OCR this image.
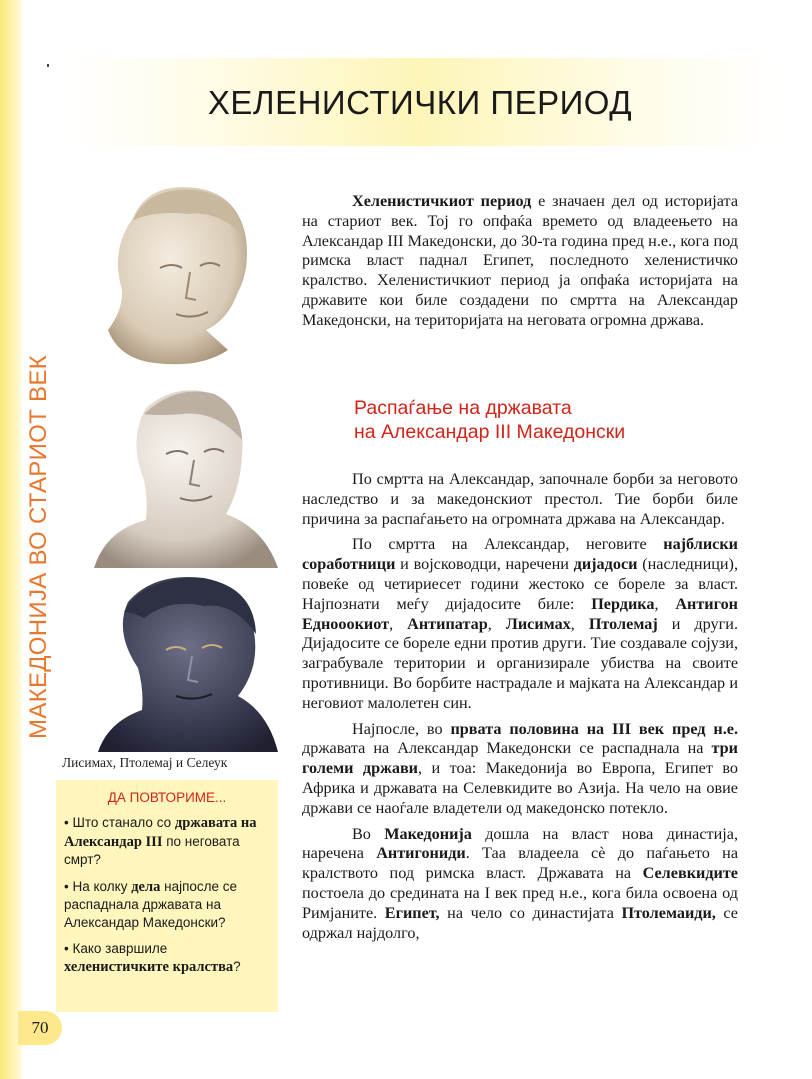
МАКЕДОНИЈА ВО СТАРИОТ ВЕК
ХЕЛЕНИСТИЧКИ ПЕРИОД
Лисимах, Птолемај и Селеук
ДА ПОВТОРИМЕ...
• Што станало со државата на Александар III по неговата смрт?
• На колку дела најпосле се распаднала државата на Александар Македонски?
• Како завршиле хеленистичките кралства?
70

Хеленистичкиот период е значаен дел од историјата на стариот век. Тој го опфаќа времето од владеењето на Александар III Македонски, до 30-та година пред н.е., кога под римска власт паднал Египет, последното хеленистичко кралство. Хеленистичкиот период ја опфаќа историјата на државите кои биле создадени по смртта на Александар Македонски, на територијата на неговата огромна држава.

Распаѓање на државата
на Александар III Македонски

По смртта на Александар, започнале борби за неговото наследство и за македонскиот престол. Тие борби биле причина за распаѓањето на огромната држава на Александар.

По смртта на Александар, неговите најблиски соработници и војсководци, наречени дијадоси (наследници), повеќе од четириесет години жестоко се бореле за власт. Најпознати меѓу дијадосите биле: Пердика, Антигон Еднооокиот, Антипатар, Лисимах, Птолемај и други. Дијадосите се бореле едни против други. Тие создавале сојузи, заграбувале територии и организирале убиства на своите противници. Во борбите настрадале и мајката на Александар и неговиот малолетен син.

Најпосле, во првата половина на III век пред н.е. државата на Александар Македонски се распаднала на три големи држави, и тоа: Македонија во Европа, Египет во Африка и државата на Селевкидите во Азија. На чело на овие држави се наоѓале владетели од македонско потекло.

Во Македонија дошла на власт нова династија, наречена Антигониди. Таа владеела сè до паѓањето на кралството под римска власт. Државата на Селевкидите постоела до средината на I век пред н.е., кога била освоена од Римјаните. Египет, на чело со династијата Птолемаиди, се одржал најдолго,
